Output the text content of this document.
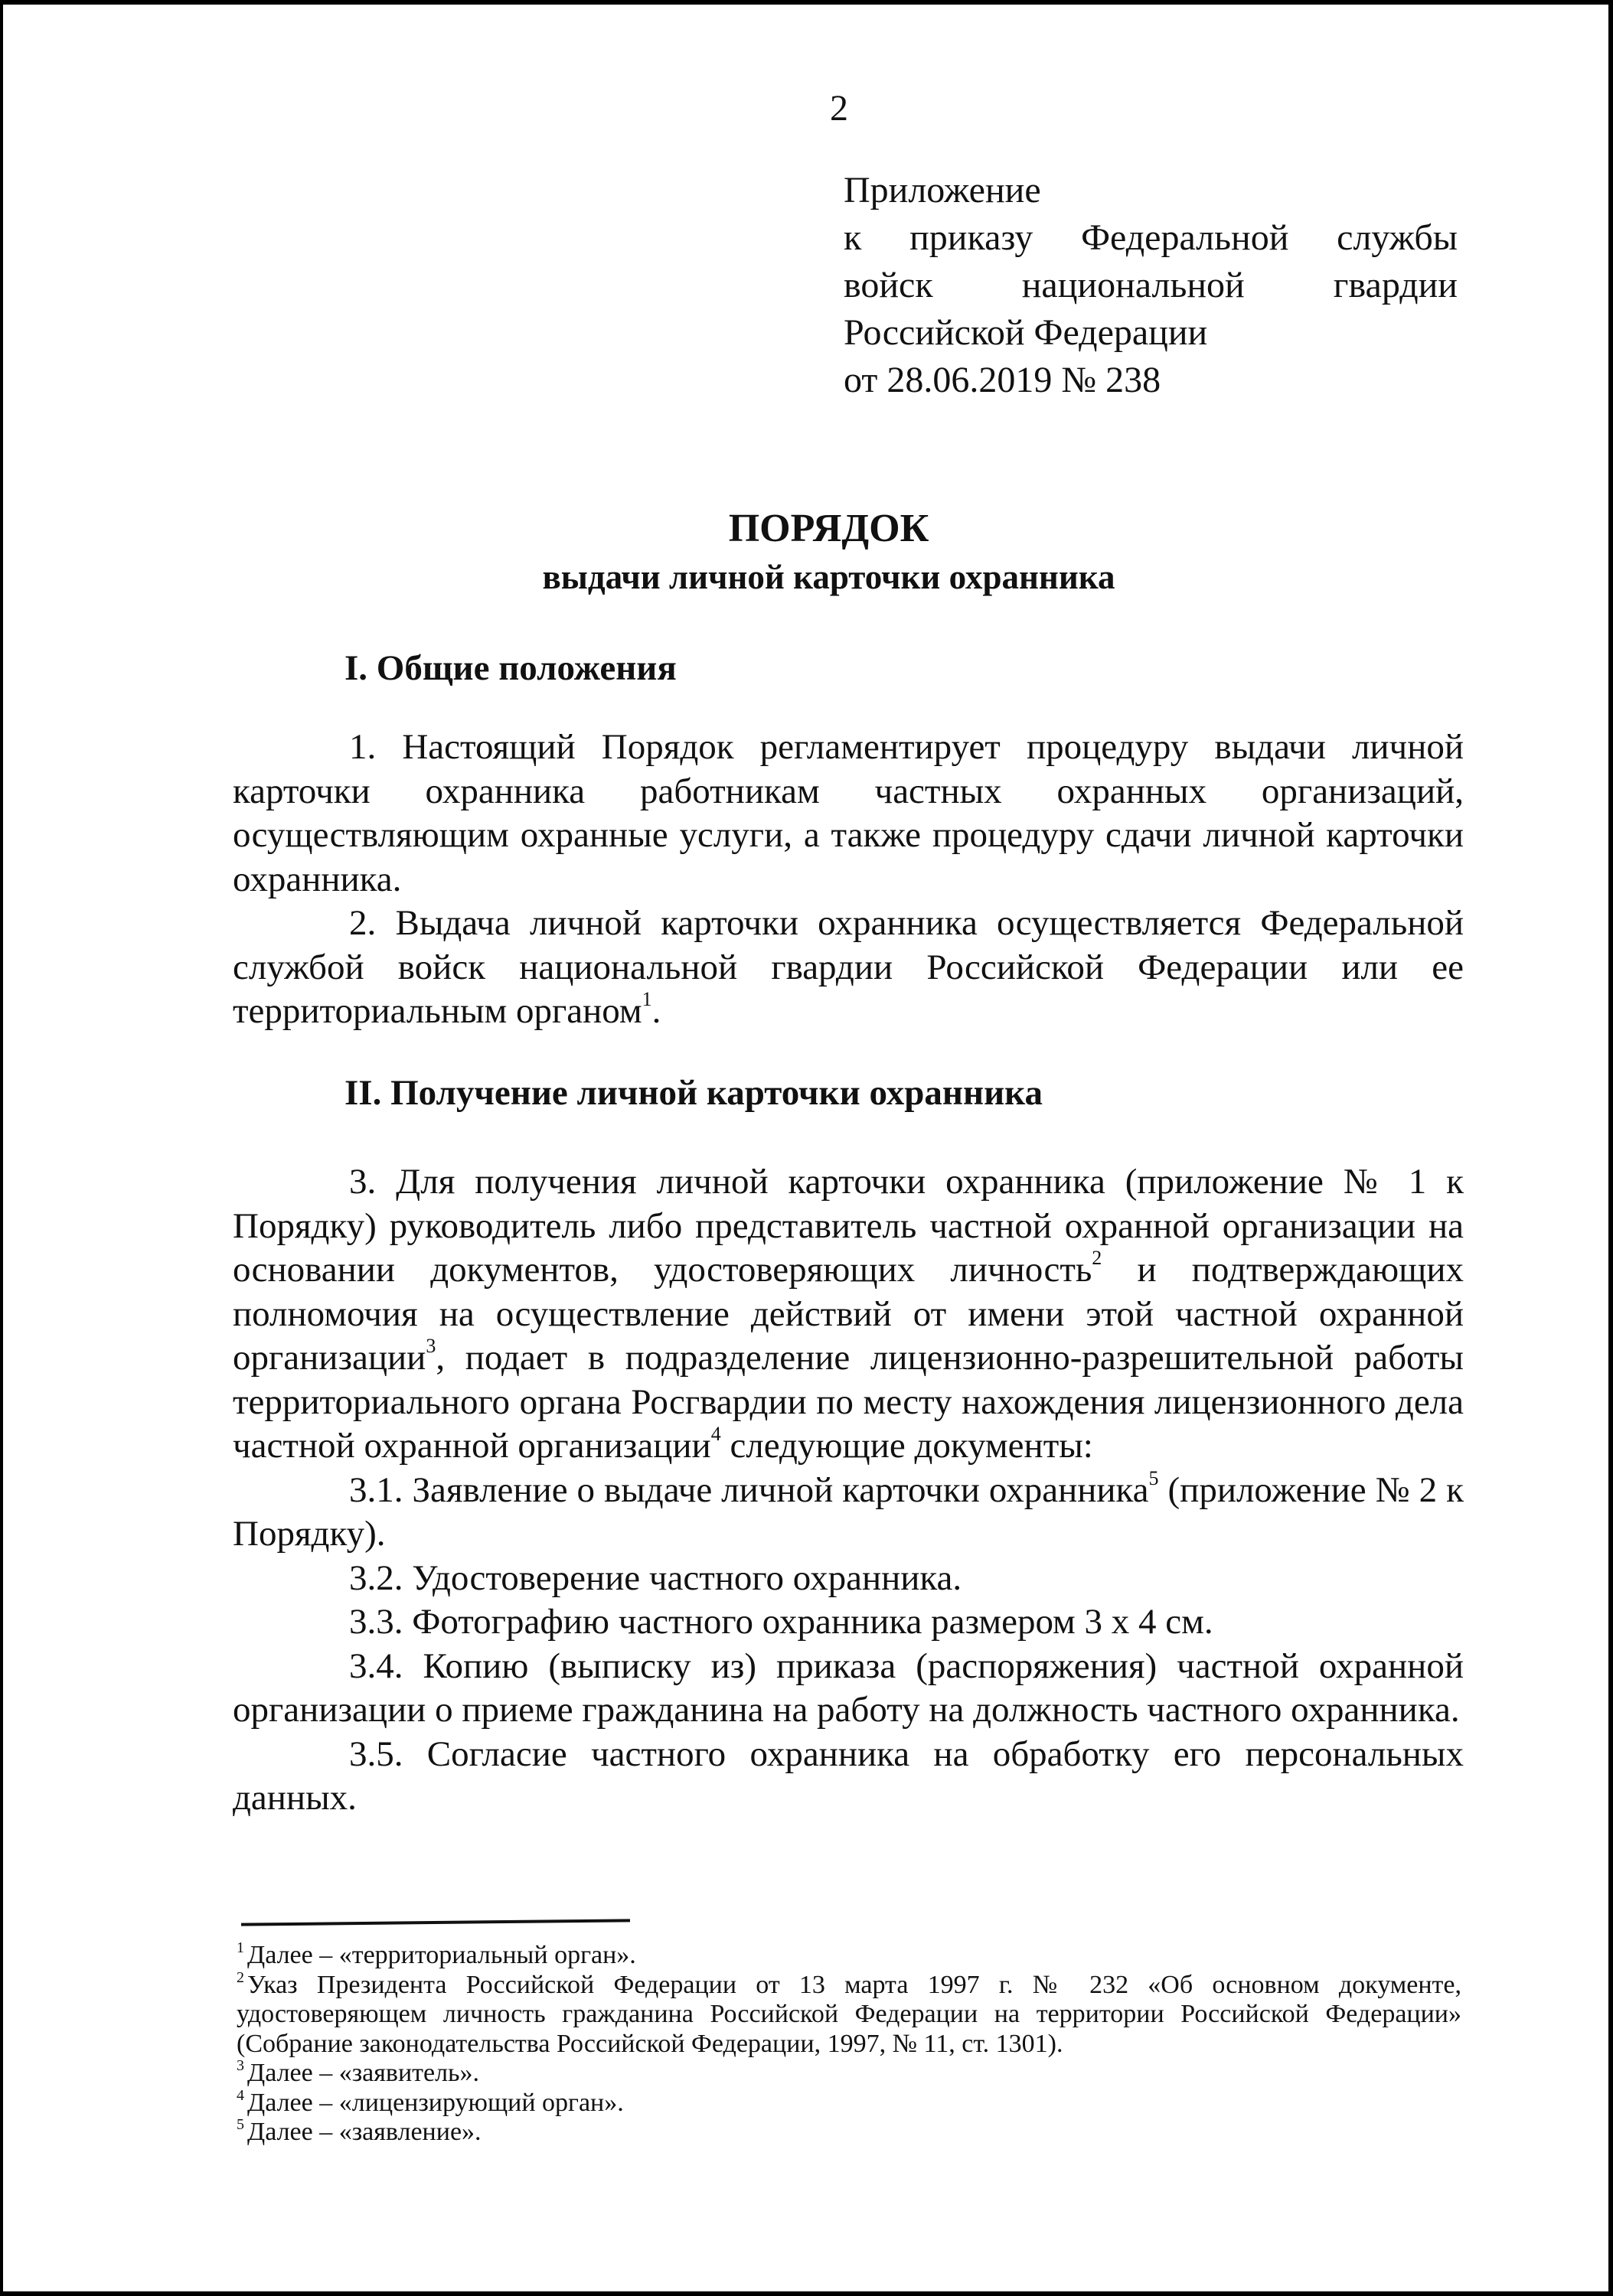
2
Приложение
к приказу Федеральной службы
войск национальной гвардии
Российской Федерации
от 28.06.2019 № 238
ПОРЯДОК
выдачи личной карточки охранника
I. Общие положения

1. Настоящий Порядок регламентирует процедуру выдачи личной карточки охранника работникам частных охранных организаций, осуществляющим охранные услуги, а также процедуру сдачи личной карточки охранника.

2. Выдача личной карточки охранника осуществляется Федеральной службой войск национальной гвардии Российской Федерации или ее территориальным органом$^1$.

II. Получение личной карточки охранника

3. Для получения личной карточки охранника (приложение № 1 к Порядку) руководитель либо представитель частной охранной организации на основании документов, удостоверяющих личность$^2$ и подтверждающих полномочия на осуществление действий от имени этой частной охранной организации$^3$, подает в подразделение лицензионно-разрешительной работы территориального органа Росгвардии по месту нахождения лицензионного дела частной охранной организации$^4$ следующие документы:

3.1. Заявление о выдаче личной карточки охранника$^5$ (приложение № 2 к Порядку).

3.2. Удостоверение частного охранника.

3.3. Фотографию частного охранника размером 3 х 4 см.

3.4. Копию (выписку из) приказа (распоряжения) частной охранной организации о приеме гражданина на работу на должность частного охранника.

3.5. Согласие частного охранника на обработку его персональных данных.

$^1$ Далее – «территориальный орган».

$^2$ Указ Президента Российской Федерации от 13 марта 1997 г. № 232 «Об основном документе, удостоверяющем личность гражданина Российской Федерации на территории Российской Федерации» (Собрание законодательства Российской Федерации, 1997, № 11, ст. 1301).

$^3$ Далее – «заявитель».

$^4$ Далее – «лицензирующий орган».

$^5$ Далее – «заявление».
